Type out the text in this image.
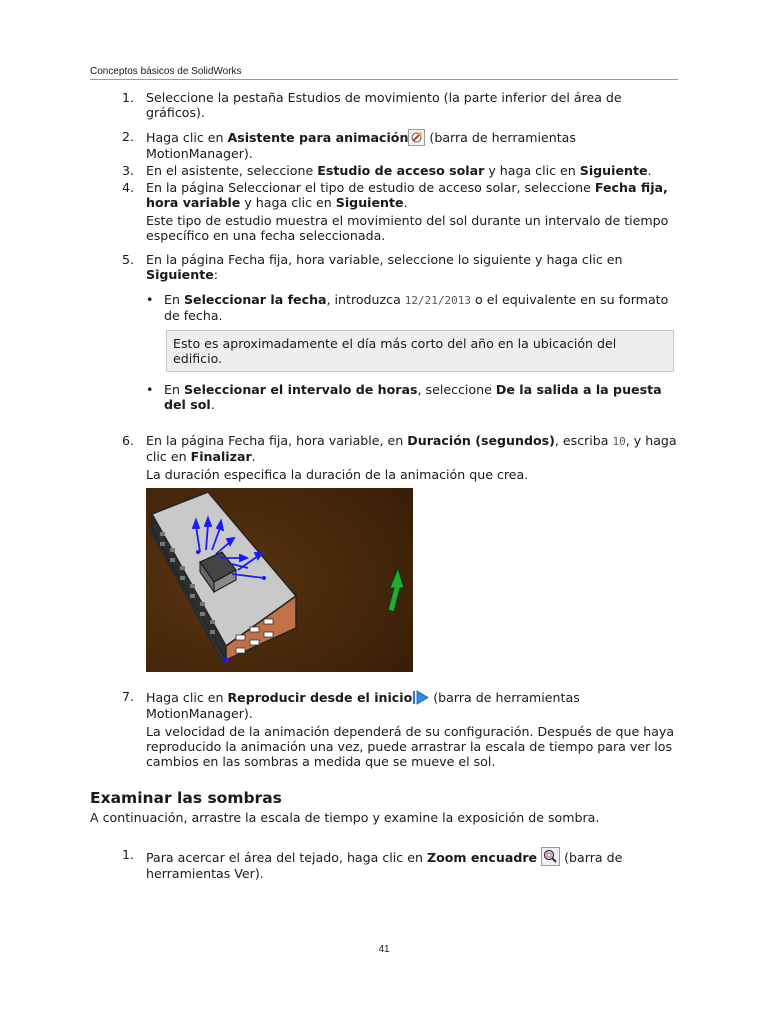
Conceptos básicos de SolidWorks
1. Seleccione la pestaña Estudios de movimiento (la parte inferior del área de gráficos).
2. Haga clic en Asistente para animación (barra de herramientas MotionManager).
3. En el asistente, seleccione Estudio de acceso solar y haga clic en Siguiente.
4. En la página Seleccionar el tipo de estudio de acceso solar, seleccione Fecha fija, hora variable y haga clic en Siguiente.
Este tipo de estudio muestra el movimiento del sol durante un intervalo de tiempo específico en una fecha seleccionada.
5. En la página Fecha fija, hora variable, seleccione lo siguiente y haga clic en Siguiente:
• En Seleccionar la fecha, introduzca 12/21/2013 o el equivalente en su formato de fecha.
Esto es aproximadamente el día más corto del año en la ubicación del edificio.
• En Seleccionar el intervalo de horas, seleccione De la salida a la puesta del sol.
6. En la página Fecha fija, hora variable, en Duración (segundos), escriba 10, y haga clic en Finalizar.
La duración especifica la duración de la animación que crea.
7. Haga clic en Reproducir desde el inicio (barra de herramientas MotionManager).
La velocidad de la animación dependerá de su configuración. Después de que haya reproducido la animación una vez, puede arrastrar la escala de tiempo para ver los cambios en las sombras a medida que se mueve el sol.
Examinar las sombras
A continuación, arrastre la escala de tiempo y examine la exposición de sombra.
1. Para acercar el área del tejado, haga clic en Zoom encuadre  (barra de herramientas Ver).
41
